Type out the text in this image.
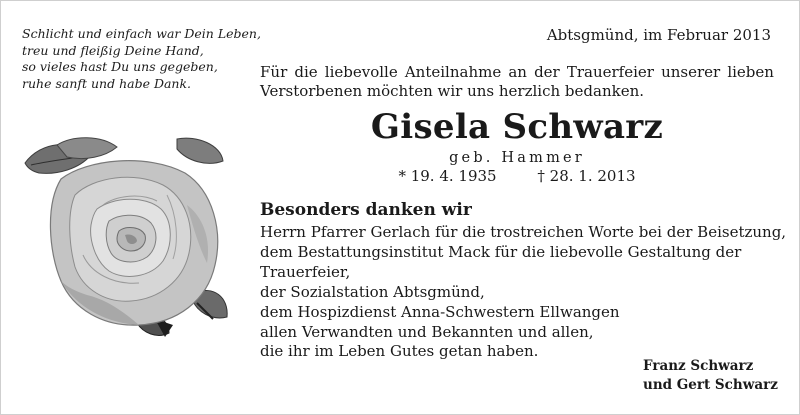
Schlicht und einfach war Dein Leben,
treu und fleißig Deine Hand,
so vieles hast Du uns gegeben,
ruhe sanft und habe Dank.
Abtsgmünd, im Februar 2013
Für die liebevolle Anteilnahme an der Trauerfeier unserer lieben
Verstorbenen möchten wir uns herzlich bedanken.
Gisela Schwarz
geb. Hammer
* 19. 4. 1935	† 28. 1. 2013
Besonders danken wir
Herrn Pfarrer Gerlach für die trostreichen Worte bei der Beisetzung,
dem Bestattungsinstitut Mack für die liebevolle Gestaltung der
Trauerfeier,
der Sozialstation Abtsgmünd,
dem Hospizdienst Anna-Schwestern Ellwangen
allen Verwandten und Bekannten und allen,
die ihr im Leben Gutes getan haben.
Franz Schwarz
und Gert Schwarz
